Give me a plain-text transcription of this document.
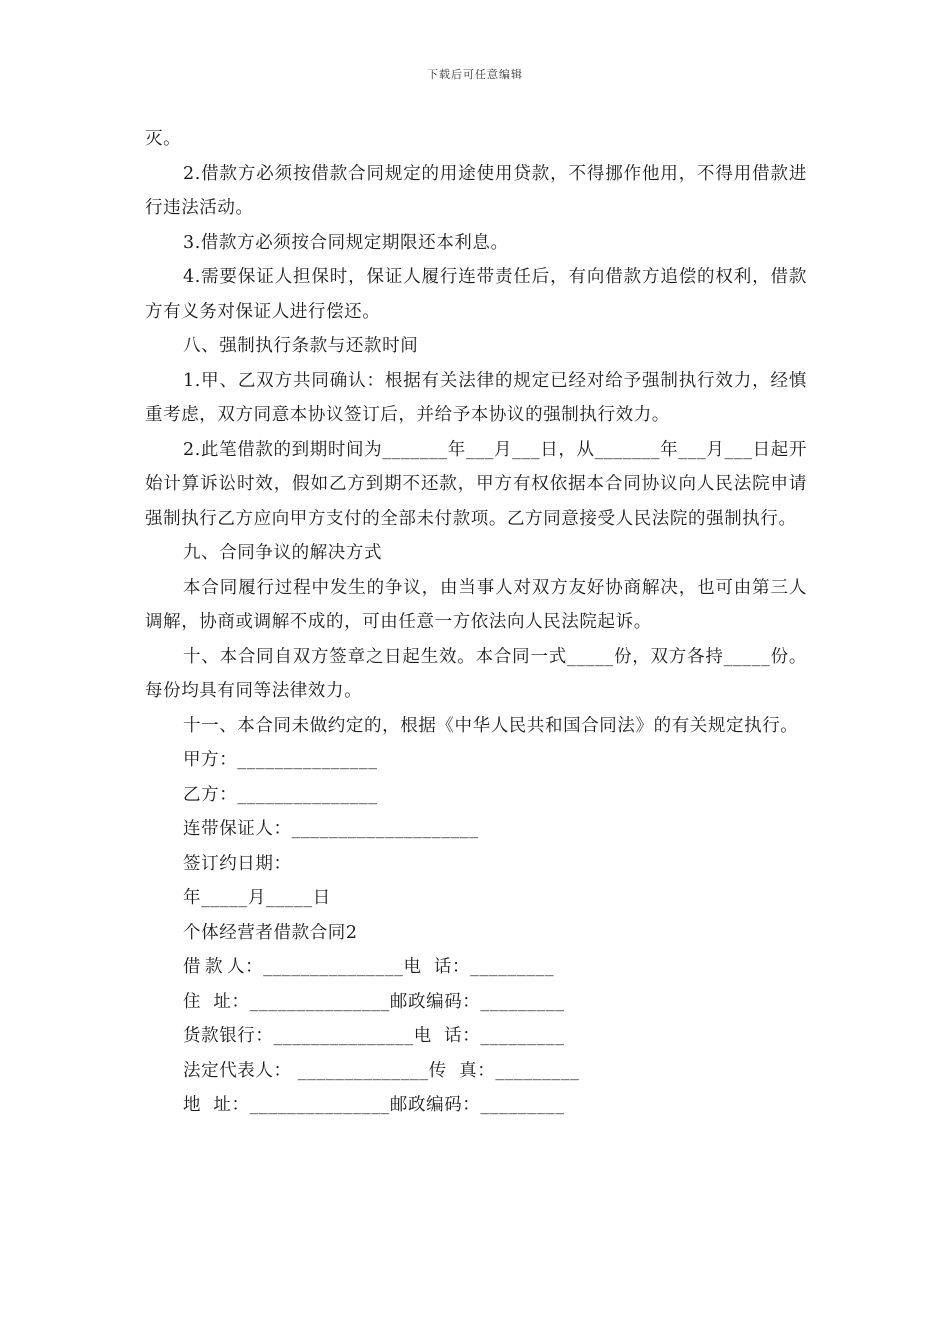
下载后可任意编辑

灭。

2.借款方必须按借款合同规定的用途使用贷款，不得挪作他用，不得用借款进行违法活动。

3.借款方必须按合同规定期限还本利息。

4.需要保证人担保时，保证人履行连带责任后，有向借款方追偿的权利，借款方有义务对保证人进行偿还。

八、强制执行条款与还款时间

1.甲、乙双方共同确认：根据有关法律的规定已经对给予强制执行效力，经慎重考虑，双方同意本协议签订后，并给予本协议的强制执行效力。

2.此笔借款的到期时间为_______年___月___日，从_______年___月___日起开始计算诉讼时效，假如乙方到期不还款，甲方有权依据本合同协议向人民法院申请强制执行乙方应向甲方支付的全部未付款项。乙方同意接受人民法院的强制执行。

九、合同争议的解决方式

本合同履行过程中发生的争议，由当事人对双方友好协商解决，也可由第三人调解，协商或调解不成的，可由任意一方依法向人民法院起诉。

十、本合同自双方签章之日起生效。本合同一式_____份，双方各持_____份。每份均具有同等法律效力。

十一、本合同未做约定的，根据《中华人民共和国合同法》的有关规定执行。

甲方：_______________

乙方：_______________

连带保证人：____________________

签订约日期：

年_____月_____日

个体经营者借款合同2

借 款 人：_______________电  话：_________

住  址：_______________邮政编码：_________

货款银行：_______________电  话：_________

法定代表人： ______________传  真：_________

地  址：_______________邮政编码：_________
